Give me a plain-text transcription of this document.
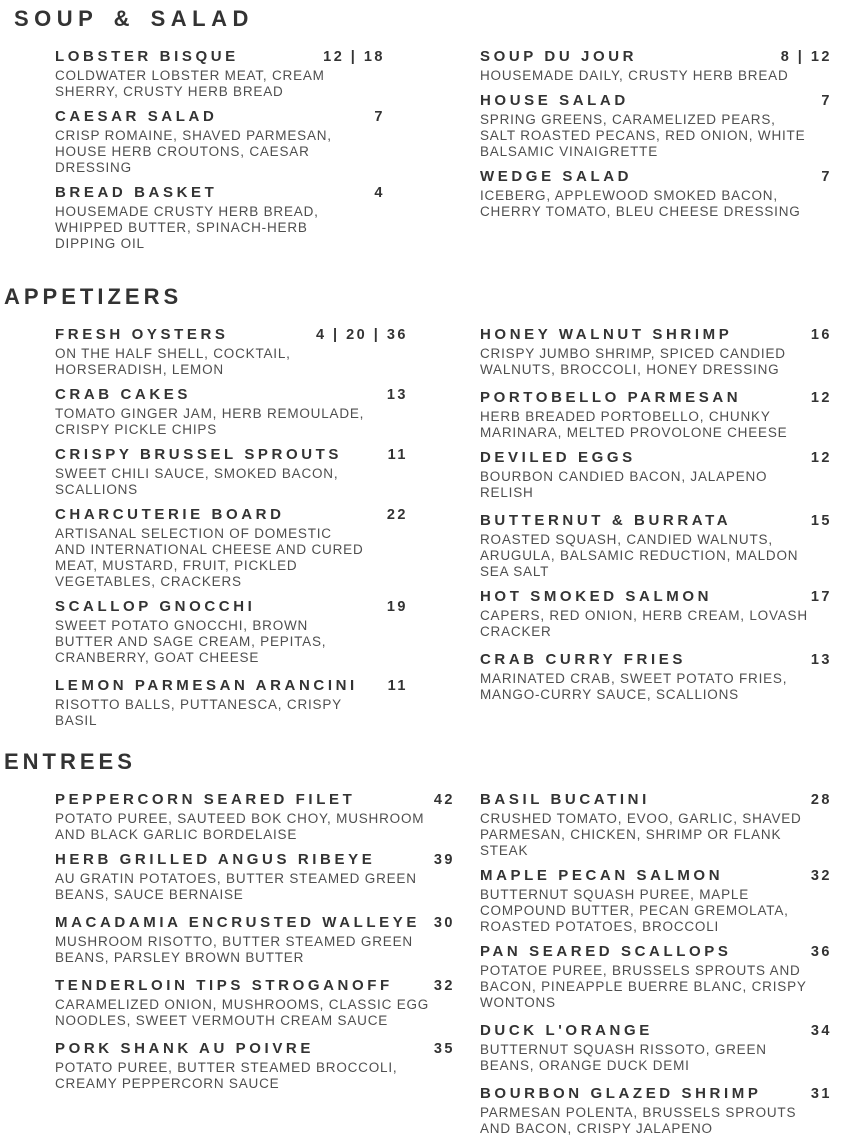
SOUP & SALAD
LOBSTER BISQUE	12 | 18

COLDWATER LOBSTER MEAT, CREAM SHERRY, CRUSTY HERB BREAD

CAESAR SALAD	7

CRISP ROMAINE, SHAVED PARMESAN, HOUSE HERB CROUTONS, CAESAR DRESSING

BREAD BASKET	4

HOUSEMADE CRUSTY HERB BREAD, WHIPPED BUTTER, SPINACH-HERB DIPPING OIL

SOUP DU JOUR	8 | 12

HOUSEMADE DAILY, CRUSTY HERB BREAD

HOUSE SALAD	7

SPRING GREENS, CARAMELIZED PEARS, SALT ROASTED PECANS, RED ONION, WHITE BALSAMIC VINAIGRETTE

WEDGE SALAD	7

ICEBERG, APPLEWOOD SMOKED BACON, CHERRY TOMATO, BLEU CHEESE DRESSING

APPETIZERS
FRESH OYSTERS	4 | 20 | 36

ON THE HALF SHELL, COCKTAIL, HORSERADISH, LEMON

CRAB CAKES	13

TOMATO GINGER JAM, HERB REMOULADE, CRISPY PICKLE CHIPS

CRISPY BRUSSEL SPROUTS	11

SWEET CHILI SAUCE, SMOKED BACON, SCALLIONS

CHARCUTERIE BOARD	22

ARTISANAL SELECTION OF DOMESTIC AND INTERNATIONAL CHEESE AND CURED MEAT, MUSTARD, FRUIT, PICKLED VEGETABLES, CRACKERS

SCALLOP GNOCCHI	19

SWEET POTATO GNOCCHI, BROWN BUTTER AND SAGE CREAM, PEPITAS, CRANBERRY, GOAT CHEESE

LEMON PARMESAN ARANCINI	11

RISOTTO BALLS, PUTTANESCA, CRISPY BASIL

HONEY WALNUT SHRIMP	16

CRISPY JUMBO SHRIMP, SPICED CANDIED WALNUTS, BROCCOLI, HONEY DRESSING

PORTOBELLO PARMESAN	12

HERB BREADED PORTOBELLO, CHUNKY MARINARA, MELTED PROVOLONE CHEESE

DEVILED EGGS	12

BOURBON CANDIED BACON, JALAPENO RELISH

BUTTERNUT & BURRATA	15

ROASTED SQUASH, CANDIED WALNUTS, ARUGULA, BALSAMIC REDUCTION, MALDON SEA SALT

HOT SMOKED SALMON	17

CAPERS, RED ONION, HERB CREAM, LOVASH CRACKER

CRAB CURRY FRIES	13

MARINATED CRAB, SWEET POTATO FRIES, MANGO-CURRY SAUCE, SCALLIONS

ENTREES
PEPPERCORN SEARED FILET	42

POTATO PUREE, SAUTEED BOK CHOY, MUSHROOM AND BLACK GARLIC BORDELAISE

HERB GRILLED ANGUS RIBEYE	39

AU GRATIN POTATOES, BUTTER STEAMED GREEN BEANS, SAUCE BERNAISE

MACADAMIA ENCRUSTED WALLEYE 30

MUSHROOM RISOTTO, BUTTER STEAMED GREEN BEANS, PARSLEY BROWN BUTTER

TENDERLOIN TIPS STROGANOFF	32

CARAMELIZED ONION, MUSHROOMS, CLASSIC EGG NOODLES, SWEET VERMOUTH CREAM SAUCE

PORK SHANK AU POIVRE	35

POTATO PUREE, BUTTER STEAMED BROCCOLI, CREAMY PEPPERCORN SAUCE

BASIL BUCATINI	28

CRUSHED TOMATO, EVOO, GARLIC, SHAVED PARMESAN, CHICKEN, SHRIMP OR FLANK STEAK

MAPLE PECAN SALMON	32

BUTTERNUT SQUASH PUREE, MAPLE COMPOUND BUTTER, PECAN GREMOLATA, ROASTED POTATOES, BROCCOLI

PAN SEARED SCALLOPS	36

POTATOE PUREE, BRUSSELS SPROUTS AND BACON, PINEAPPLE BUERRE BLANC, CRISPY WONTONS

DUCK L'ORANGE	34

BUTTERNUT SQUASH RISSOTO, GREEN BEANS, ORANGE DUCK DEMI

BOURBON GLAZED SHRIMP	31

PARMESAN POLENTA, BRUSSELS SPROUTS AND BACON, CRISPY JALAPENO
